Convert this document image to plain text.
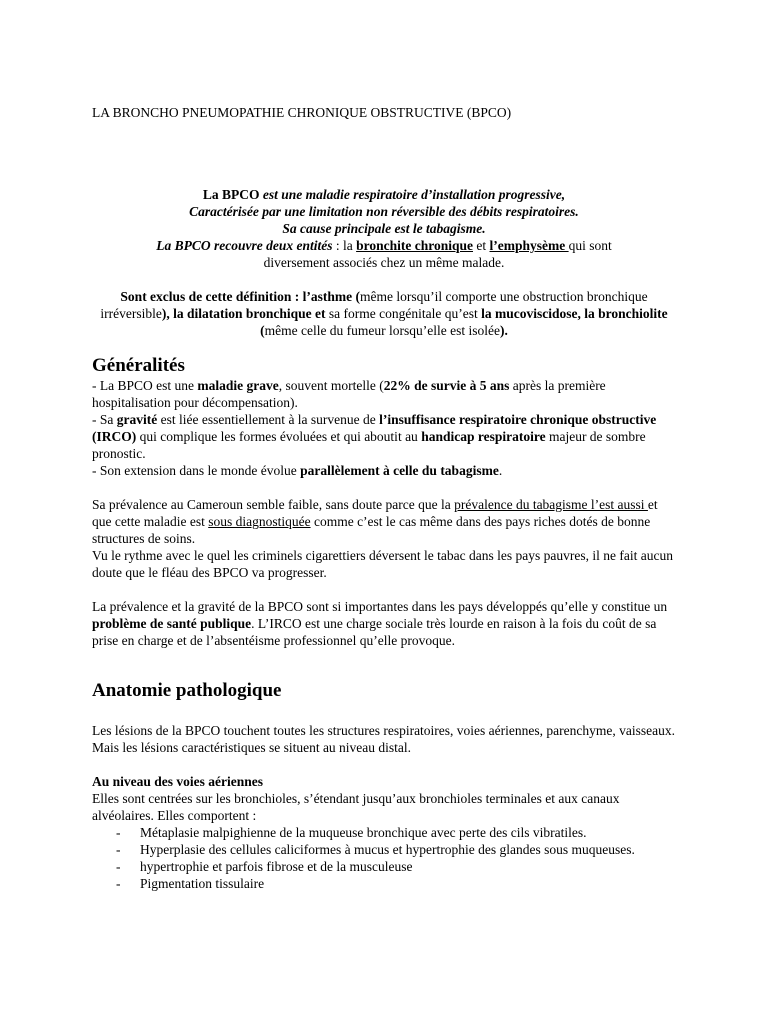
LA BRONCHO PNEUMOPATHIE CHRONIQUE OBSTRUCTIVE (BPCO)

La BPCO est une maladie respiratoire d’installation progressive,

Caractérisée par une limitation non réversible des débits respiratoires.

Sa cause principale est le tabagisme.

La BPCO recouvre deux entités : la bronchite chronique et l’emphysème qui sont

diversement associés chez un même malade.

Sont exclus de cette définition : l’asthme (même lorsqu’il comporte une obstruction bronchique irréversible), la dilatation bronchique et sa forme congénitale qu’est la mucoviscidose, la bronchiolite (même celle du fumeur lorsqu’elle est isolée).

Généralités

- La BPCO est une maladie grave, souvent mortelle (22% de survie à 5 ans après la première hospitalisation pour décompensation).

- Sa gravité est liée essentiellement à la survenue de l’insuffisance respiratoire chronique obstructive (IRCO) qui complique les formes évoluées et qui aboutit au handicap respiratoire majeur de sombre pronostic.

- Son extension dans le monde évolue parallèlement à celle du tabagisme.

Sa prévalence au Cameroun semble faible, sans doute parce que la prévalence du tabagisme l’est aussi et que cette maladie est sous diagnostiquée comme c’est le cas même dans des pays riches dotés de bonne structures de soins.

Vu le rythme avec le quel les criminels cigarettiers déversent le tabac dans les pays pauvres, il ne fait aucun doute que le fléau des BPCO va progresser.

La prévalence et la gravité de la BPCO sont si importantes dans les pays développés qu’elle y constitue un problème de santé publique. L’IRCO est une charge sociale très lourde en raison à la fois du coût de sa prise en charge et de l’absentéisme professionnel qu’elle provoque.

Anatomie pathologique

Les lésions de la BPCO touchent toutes les structures respiratoires, voies aériennes, parenchyme, vaisseaux. Mais les lésions caractéristiques se situent au niveau distal.

Au niveau des voies aériennes

Elles sont centrées sur les bronchioles, s’étendant jusqu’aux bronchioles terminales et aux canaux alvéolaires. Elles comportent :

- Métaplasie malpighienne de la muqueuse bronchique avec perte des cils vibratiles.
- Hyperplasie des cellules caliciformes à mucus et hypertrophie des glandes sous muqueuses.
- hypertrophie et parfois fibrose et de la musculeuse
- Pigmentation tissulaire
